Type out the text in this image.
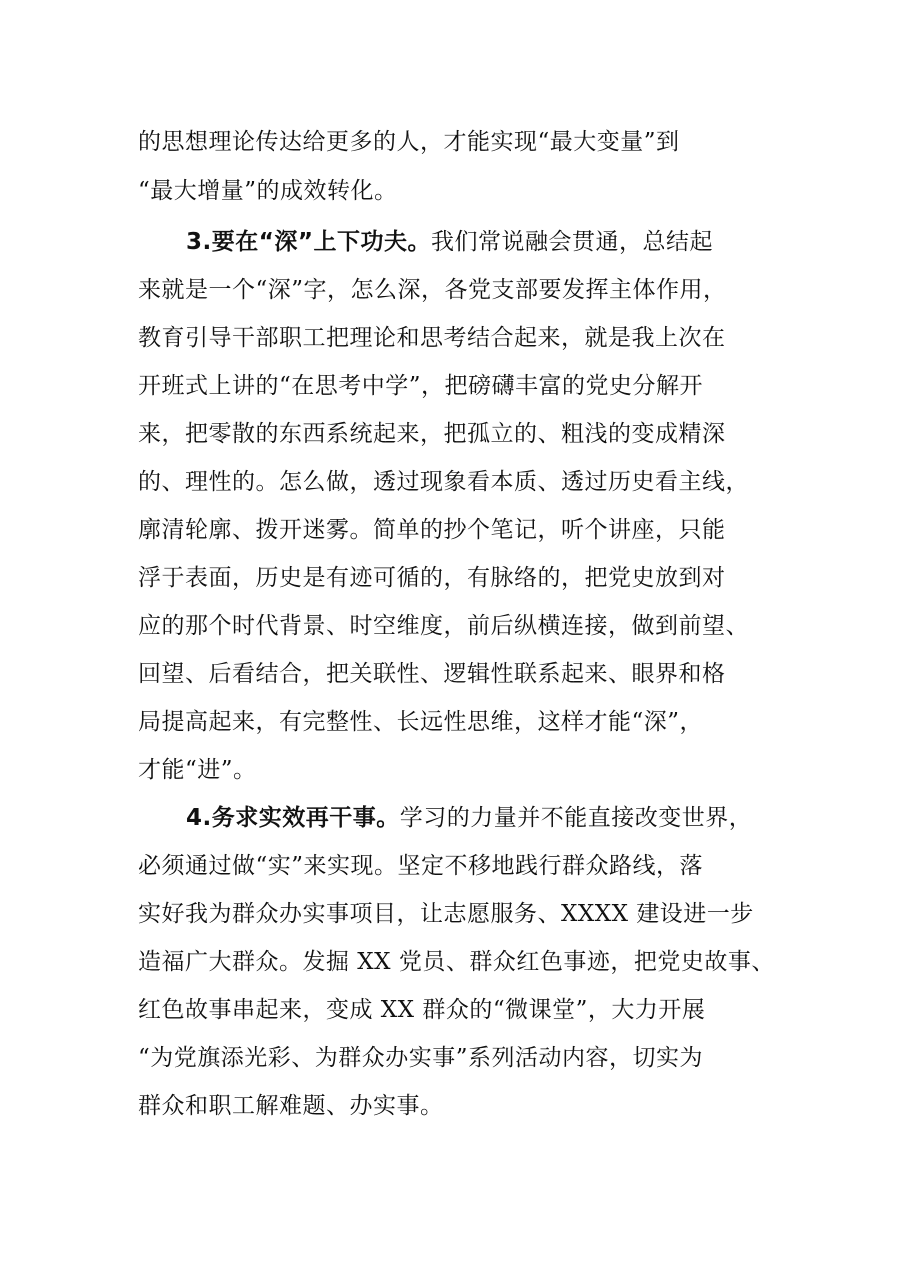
的思想理论传达给更多的人，才能实现“最大变量”到
“最大增量”的成效转化。
3.要在“深”上下功夫。我们常说融会贯通，总结起
来就是一个“深”字，怎么深，各党支部要发挥主体作用，
教育引导干部职工把理论和思考结合起来，就是我上次在
开班式上讲的“在思考中学”，把磅礴丰富的党史分解开
来，把零散的东西系统起来，把孤立的、粗浅的变成精深
的、理性的。怎么做，透过现象看本质、透过历史看主线，
廓清轮廓、拨开迷雾。简单的抄个笔记，听个讲座，只能
浮于表面，历史是有迹可循的，有脉络的，把党史放到对
应的那个时代背景、时空维度，前后纵横连接，做到前望、
回望、后看结合，把关联性、逻辑性联系起来、眼界和格
局提高起来，有完整性、长远性思维，这样才能“深”，
才能“进”。
4.务求实效再干事。学习的力量并不能直接改变世界，
必须通过做“实”来实现。坚定不移地践行群众路线，落
实好我为群众办实事项目，让志愿服务、XXXX 建设进一步
造福广大群众。发掘 XX 党员、群众红色事迹，把党史故事、
红色故事串起来，变成 XX 群众的“微课堂”，大力开展
“为党旗添光彩、为群众办实事”系列活动内容，切实为
群众和职工解难题、办实事。
